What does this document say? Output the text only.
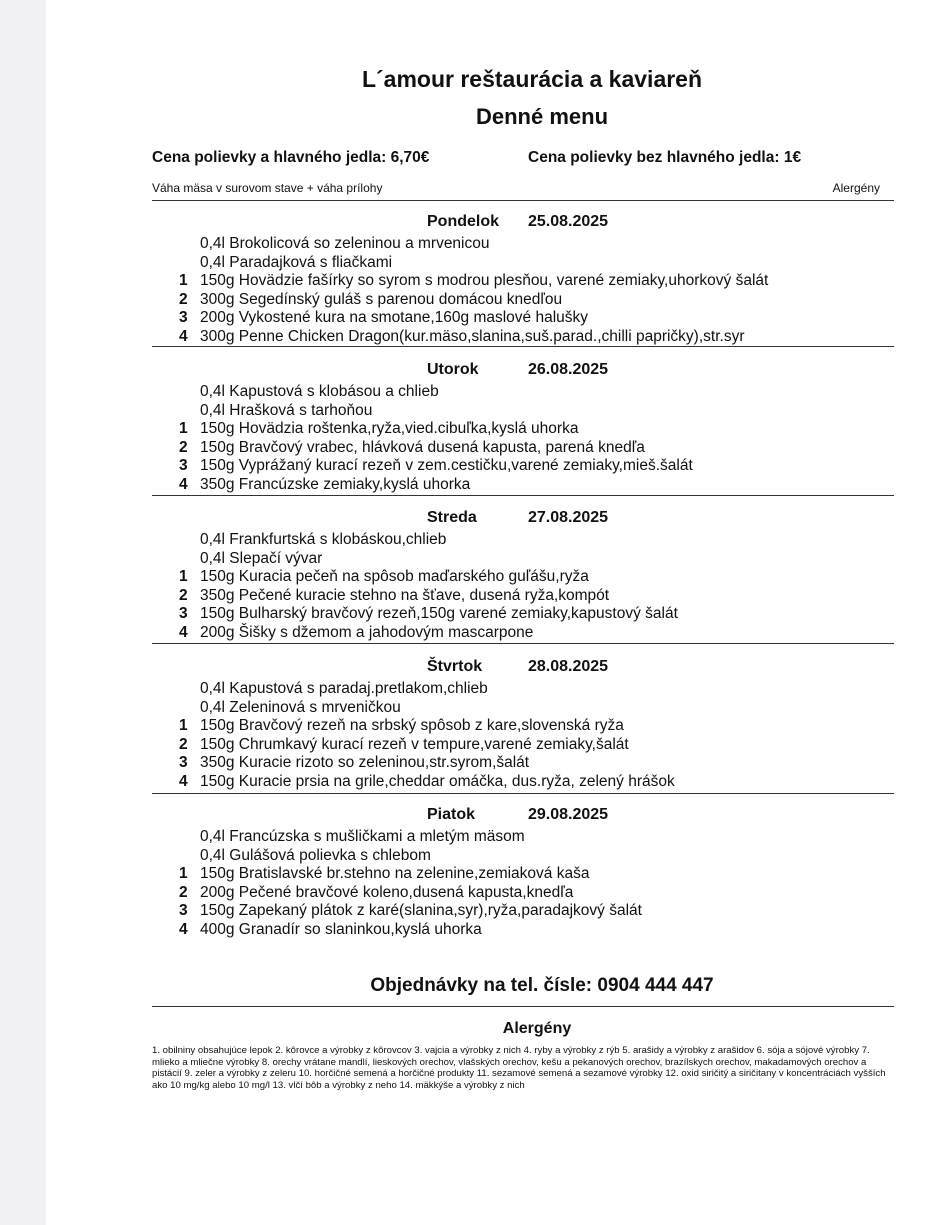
L´amour reštaurácia a kaviareň
Denné menu
Cena polievky a hlavného jedla: 6,70€	Cena polievky bez hlavného jedla: 1€
Váha mäsa v surovom stave + váha prílohy	Alergény
Pondelok 25.08.2025
0,4l Brokolicová so zeleninou a mrvenicou
0,4l Paradajková s fliačkami
1 150g Hovädzie fašírky so syrom s modrou plesňou, varené zemiaky,uhorkový šalát
2 300g Segedínský guláš s parenou domácou knedľou
3 200g Vykostené kura na smotane,160g maslové halušky
4 300g Penne Chicken Dragon(kur.mäso,slanina,suš.parad.,chilli papričky),str.syr
Utorok	26.08.2025
0,4l Kapustová s klobásou a chlieb
0,4l Hrašková s tarhoňou
1 150g Hovädzia roštenka,ryža,vied.cibuľka,kyslá uhorka
2 150g Bravčový vrabec, hlávková dusená kapusta, parená knedľa
3 150g Vyprážaný kurací rezeň v zem.cestičku,varené zemiaky,mieš.šalát
4 350g Francúzske zemiaky,kyslá uhorka
Streda	27.08.2025
0,4l Frankfurtská s klobáskou,chlieb
0,4l Slepačí vývar
1 150g Kuracia pečeň na spôsob maďarského guľášu,ryža
2 350g Pečené kuracie stehno na šťave, dusená ryža,kompót
3 150g Bulharský bravčový rezeň,150g varené zemiaky,kapustový šalát
4 200g Šišky s džemom a jahodovým mascarpone
Štvrtok	28.08.2025
0,4l Kapustová s paradaj.pretlakom,chlieb
0,4l Zeleninová s mrveničkou
1 150g Bravčový rezeň na srbský spôsob z kare,slovenská ryža
2 150g Chrumkavý kurací rezeň v tempure,varené zemiaky,šalát
3 350g Kuracie rizoto so zeleninou,str.syrom,šalát
4 150g Kuracie prsia na grile,cheddar omáčka, dus.ryža, zelený hrášok
Piatok	29.08.2025
0,4l Francúzska s mušličkami a mletým mäsom
0,4l Gulášová polievka s chlebom
1 150g Bratislavské br.stehno na zelenine,zemiaková kaša
2 200g Pečené bravčové koleno,dusená kapusta,knedľa
3 150g Zapekaný plátok z karé(slanina,syr),ryža,paradajkový šalát
4 400g Granadír so slaninkou,kyslá uhorka
Objednávky na tel. čísle: 0904 444 447
Alergény
1. obilniny obsahujúce lepok 2. kôrovce a výrobky z kôrovcov 3. vajcia a výrobky z nich 4. ryby a výrobky z rýb 5. arašidy a výrobky z arašidov 6. sója a sójové výrobky 7. mlieko a mliečne výrobky 8. orechy vrátane mandlí, lieskových orechov, vlašských orechov, kešu a pekanových orechov, brazílskych orechov, makadamových orechov a pistácií 9. zeler a výrobky z zeleru 10. horčičné semená a horčičné produkty 11. sezamové semená a sezamové výrobky 12. oxid siričitý a siričitany v koncentráciách vyšších ako 10 mg/kg alebo 10 mg/l 13. vlčí bôb a výrobky z neho 14. mäkkýše a výrobky z nich
